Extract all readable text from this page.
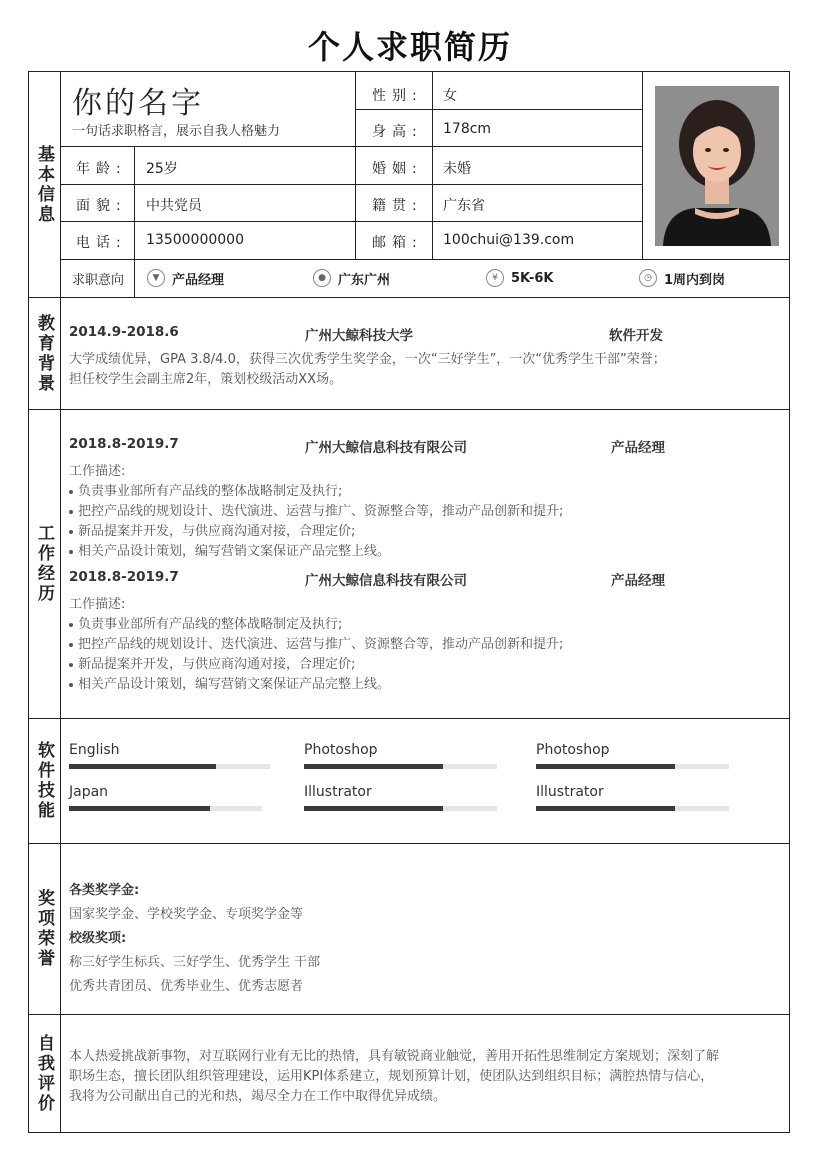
个人求职简历
基本信息
教育背景
工作经历
软件技能
奖项荣誉
自我评价
你的名字
一句话求职格言，展示自我人格魅力
性别: 女
身高: 178cm
婚姻: 未婚
籍贯: 广东省
邮箱: 100chui@139.com
年龄: 25岁
面貌: 中共党员
电话: 13500000000
求职意向	▼ 产品经理	● 广东广州	¥	5K-6K	◷ 1周内到岗
2014.9-2018.6	广州大鲸科技大学	软件开发
大学成绩优异，GPA 3.8/4.0，获得三次优秀学生奖学金，一次“三好学生”，一次“优秀学生干部”荣誉；
担任校学生会副主席2年，策划校级活动XX场。
2018.8-2019.7	广州大鲸信息科技有限公司	产品经理
工作描述:
负责事业部所有产品线的整体战略制定及执行;
把控产品线的规划设计、迭代演进、运营与推广、资源整合等，推动产品创新和提升;
新品提案并开发，与供应商沟通对接，合理定价;
相关产品设计策划，编写营销文案保证产品完整上线。
2018.8-2019.7	广州大鲸信息科技有限公司	产品经理
工作描述:
负责事业部所有产品线的整体战略制定及执行;
把控产品线的规划设计、迭代演进、运营与推广、资源整合等，推动产品创新和提升;
新品提案并开发，与供应商沟通对接，合理定价;
相关产品设计策划，编写营销文案保证产品完整上线。
English	Photoshop	Photoshop
Japan	Illustrator	Illustrator
各类奖学金:
国家奖学金、学校奖学金、专项奖学金等
校级奖项:
称三好学生标兵、三好学生、优秀学生 干部
优秀共青团员、优秀毕业生、优秀志愿者
本人热爱挑战新事物，对互联网行业有无比的热情，具有敏锐商业触觉，善用开拓性思维制定方案规划；深刻了解
职场生态，擅长团队组织管理建设，运用KPI体系建立，规划预算计划，使团队达到组织目标；满腔热情与信心，
我将为公司献出自己的光和热，竭尽全力在工作中取得优异成绩。
